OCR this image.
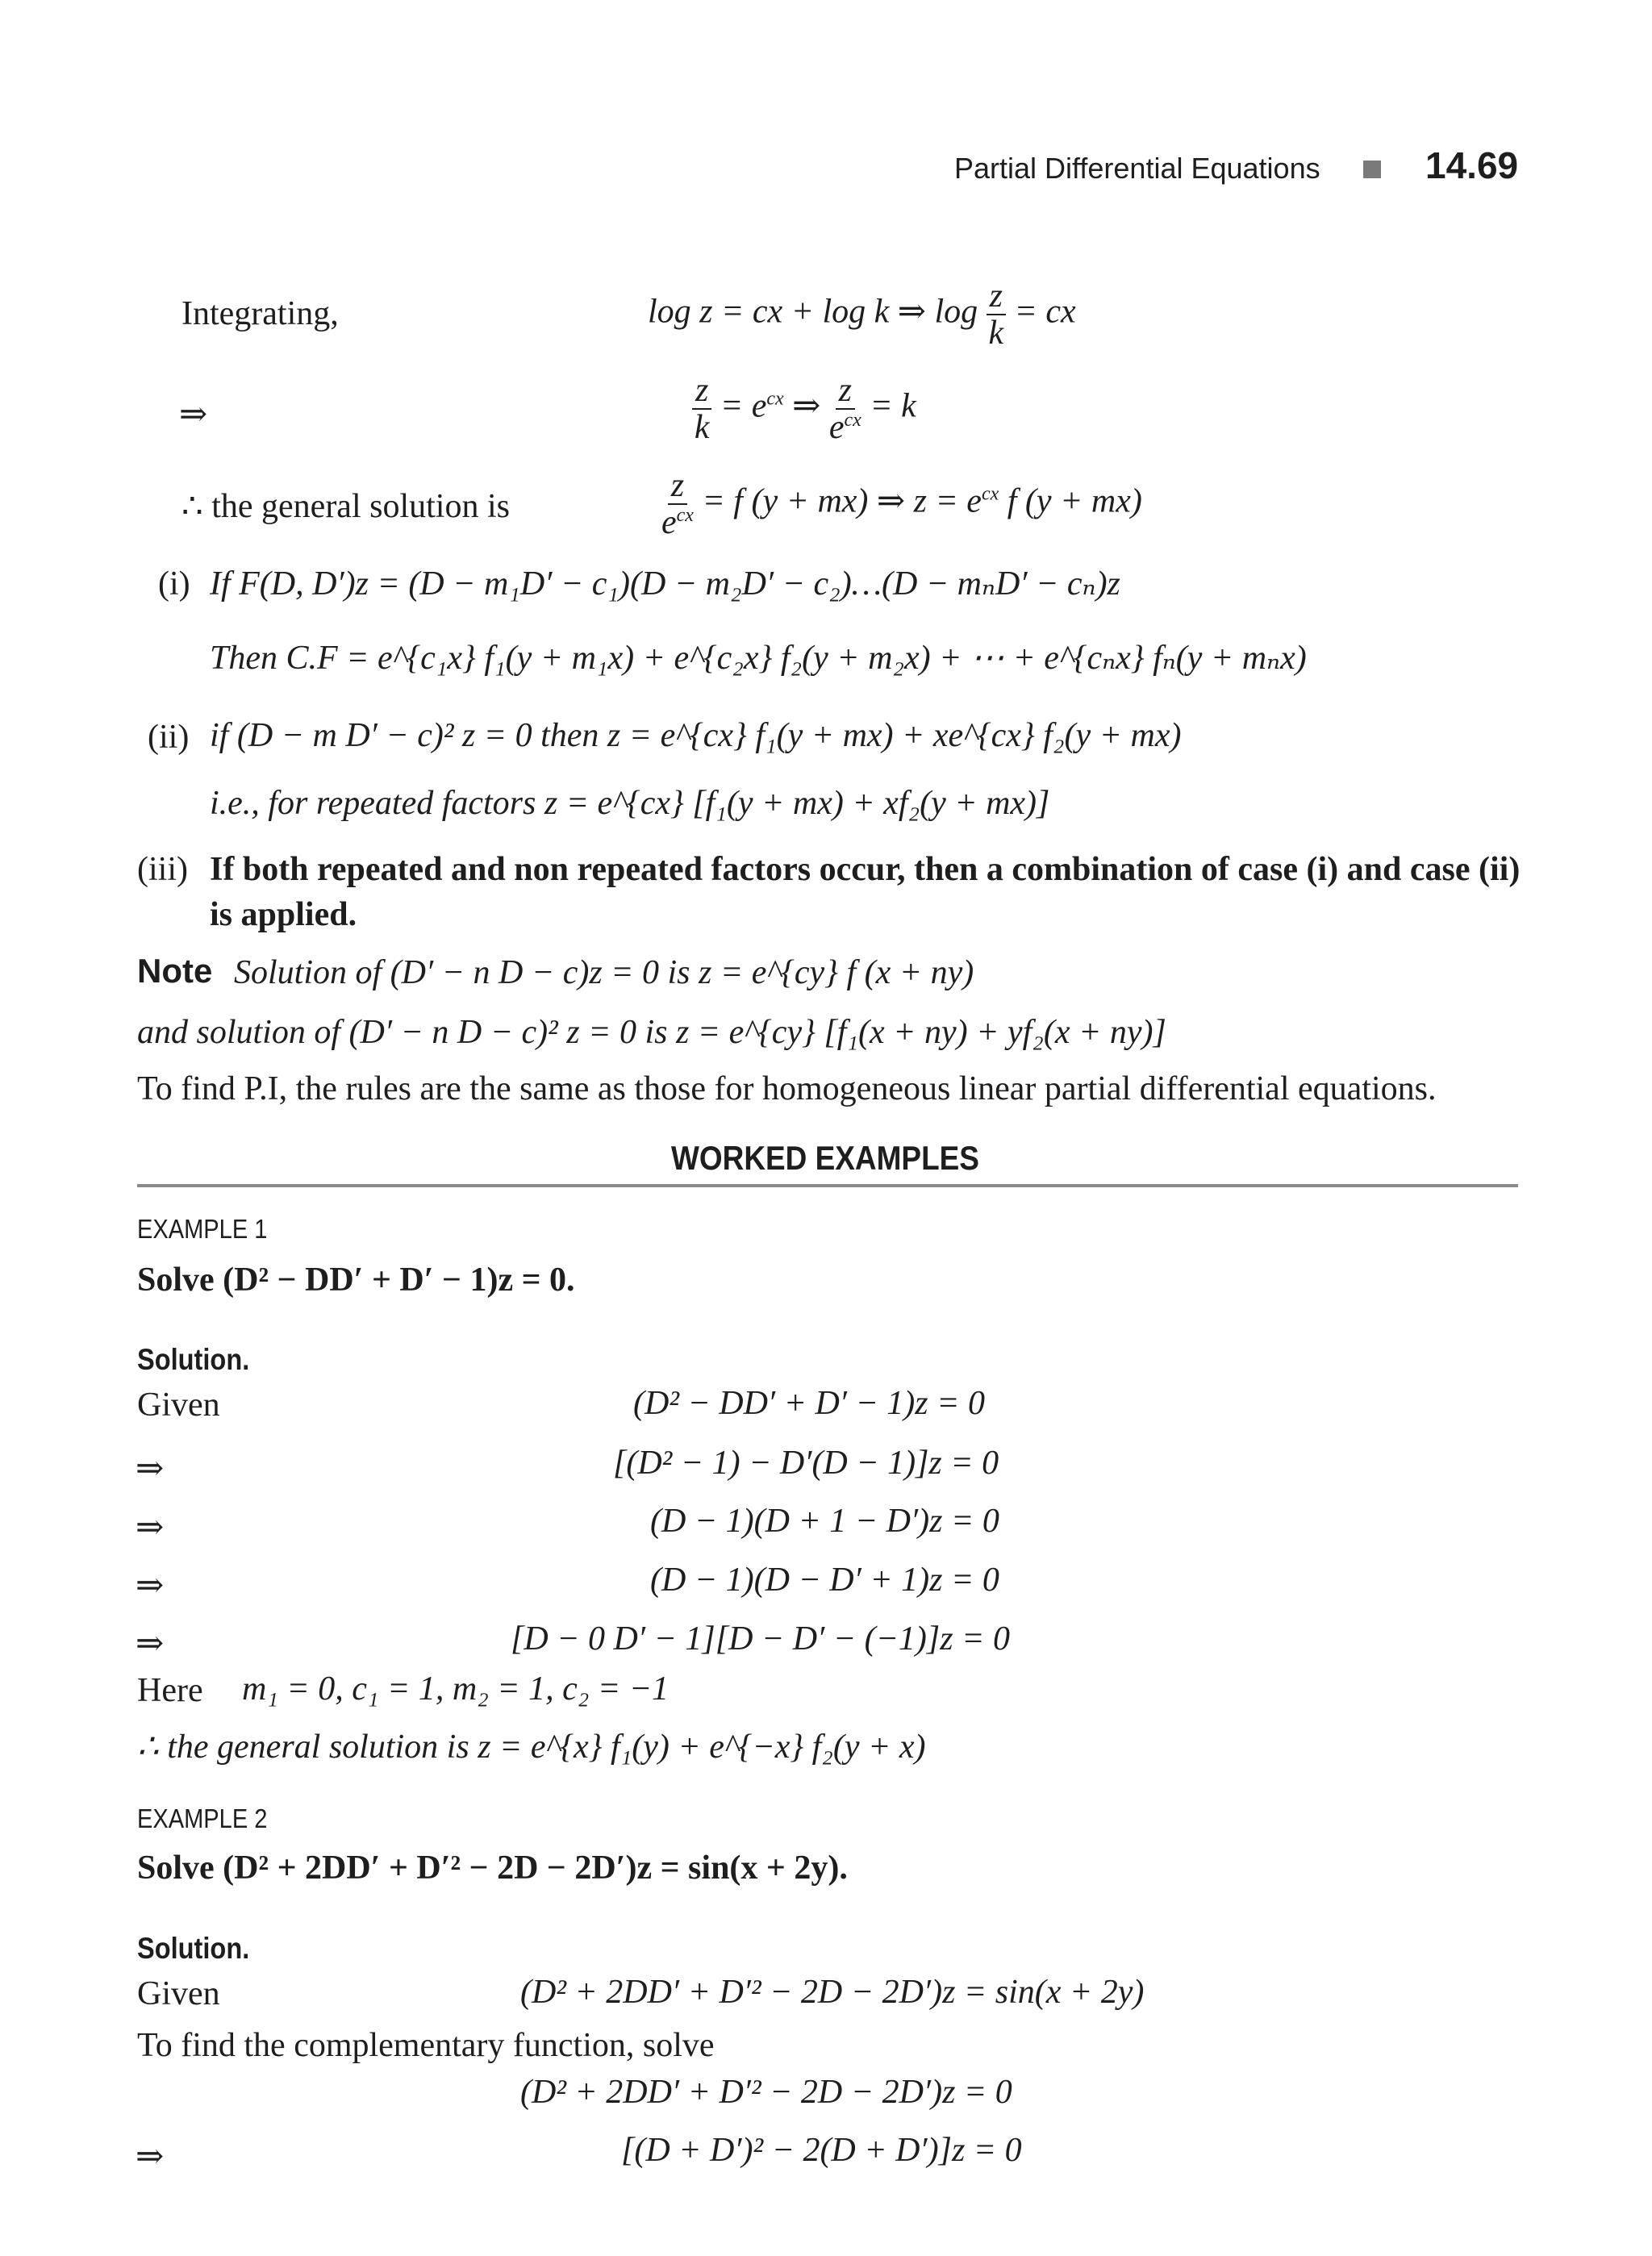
Partial Differential Equations	14.69
Integrating,	log z = cx + log k ⇒ $\log \frac{z}{k}$ = cx
⇒	$\frac{z}{k} = e^{cx}$ ⇒ $\frac{z}{e^{cx}} = k$
∴ the general solution is	$\frac{z}{e^{cx}} = f$ (y + mx) ⇒ $z = e^{cx}$ f (y + mx)
(i) If F(D, D′)z = (D − m₁D′ − c₁)(D − m₂D′ − c₂)…(D − mₙD′ − cₙ)z
Then C.F = e^{c₁x} f₁(y + m₁x) + e^{c₂x} f₂(y + m₂x) + ⋯ + e^{cₙx} fₙ(y + mₙx)
(ii) if (D − m D′ − c)² z = 0 then z = e^{cx} f₁(y + mx) + xe^{cx} f₂(y + mx)
i.e., for repeated factors z = e^{cx} [f₁(y + mx) + xf₂(y + mx)]
(iii) If both repeated and non repeated factors occur, then a combination of case (i) and case (ii)
is applied.
Note Solution of (D′ − n D − c)z = 0 is z = e^{cy} f (x + ny)
and solution of (D′ − n D − c)² z = 0 is z = e^{cy} [f₁(x + ny) + yf₂(x + ny)]
To find P.I, the rules are the same as those for homogeneous linear partial differential equations.
WORKED EXAMPLES
EXAMPLE 1
Solve (D² − DD′ + D′ − 1)z = 0.
Solution.
Given	(D² − DD′ + D′ − 1)z = 0
⇒	[(D² − 1) − D′(D − 1)]z = 0
⇒	(D − 1)(D + 1 − D′)z = 0
⇒	(D − 1)(D − D′ + 1)z = 0
⇒	[D − 0 D′ − 1][D − D′ − (−1)]z = 0
Here m₁ = 0, c₁ = 1, m₂ = 1, c₂ = −1
∴ the general solution is z = e^{x} f₁(y) + e^{−x} f₂(y + x)
EXAMPLE 2
Solve (D² + 2DD′ + D′² − 2D − 2D′)z = sin(x + 2y).
Solution.
Given	(D² + 2DD′ + D′² − 2D − 2D′)z = sin(x + 2y)
To find the complementary function, solve
(D² + 2DD′ + D′² − 2D − 2D′)z = 0
⇒	[(D + D′)² − 2(D + D′)]z = 0
